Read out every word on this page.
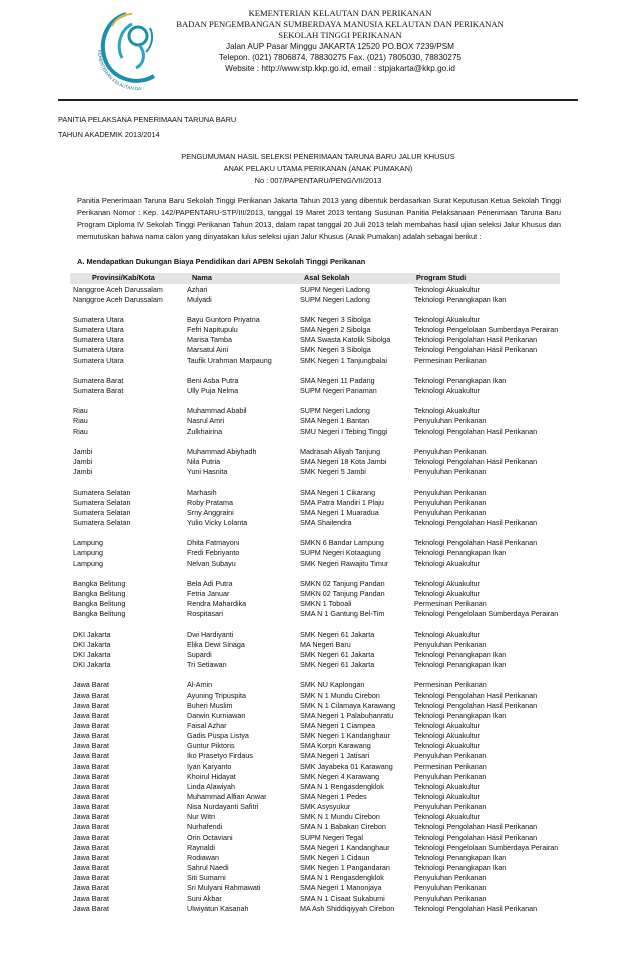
KEMENTERIAN KELAUTAN DA
KEMENTERIAN KELAUTAN DAN PERIKANAN
BADAN PENGEMBANGAN SUMBERDAYA MANUSIA KELAUTAN DAN PERIKANAN
SEKOLAH TINGGI PERIKANAN
Jalan AUP Pasar Minggu JAKARTA 12520 PO.BOX 7239/PSM
Telepon. (021) 7806874, 78830275 Fax. (021) 7805030, 78830275
Website : http://www.stp.kkp.go.id, email : stpjakarta@kkp.go.id
PANITIA PELAKSANA PENERIMAAN TARUNA BARU
TAHUN AKADEMIK 2013/2014
PENGUMUMAN HASIL SELEKSI PENERIMAAN TARUNA BARU JALUR KHUSUS
ANAK PELAKU UTAMA PERIKANAN (ANAK PUMAKAN)
No : 007/PAPENTARU/PENG/VII/2013
Panitia Penerimaan Taruna Baru Sekolah Tinggi Perikanan Jakarta Tahun 2013 yang dibentuk berdasarkan Surat Keputusan Ketua Sekolah Tinggi Perikanan Nomor : Kep. 142/PAPENTARU-STP/III/2013, tanggal 19 Maret 2013 tentang Susunan Panitia Pelaksanaan Penerimaan Taruna Baru Program Diploma IV Sekolah Tinggi Perikanan Tahun 2013, dalam rapat tanggal 20 Juli 2013 telah membahas hasil ujian seleksi Jalur Khusus dan memutuskan bahwa nama calon yang dinyatakan lulus seleksi ujian Jalur Khusus (Anak Pumakan) adalah sebagai berikut :
A. Mendapatkan Dukungan Biaya Pendidikan dari APBN Sekolah Tinggi Perikanan
Provinsi/Kab/Kota	Nama	Asal Sekolah	Program Studi
Nanggroe Aceh Darussalam	Azhari	SUPM Negeri Ladong	Teknologi Akuakultur
Nanggroe Aceh Darussalam	Mulyadi	SUPM Negeri Ladong	Teknologi Penangkapan Ikan
Sumatera Utara	Bayu Guntoro Priyatna	SMK Negeri 3 Sibolga	Teknologi Akuakultur
Sumatera Utara	Fefri Napitupulu	SMA Negeri 2 Sibolga	Teknologi Pengelolaan Sumberdaya Perairan
Sumatera Utara	Marisa Tamba	SMA Swasta Katolik Sibolga	Teknologi Pengolahan Hasil Perikanan
Sumatera Utara	Marsatul Aini	SMK Negeri 3 Sibolga	Teknologi Pengolahan Hasil Perikanan
Sumatera Utara	Taufik Urahman Marpaung	SMK Negeri 1 Tanjungbalai	Permesinan Perikanan
Sumatera Barat	Beni Asba Putra	SMA Negeri 11 Padang	Teknologi Penangkapan Ikan
Sumatera Barat	Ully Puja Nelma	SUPM Negeri Pariaman	Teknologi Akuakultur
Riau	Muhammad Ababil	SUPM Negeri Ladong	Teknologi Akuakultur
Riau	Nasrul Amri	SMA Negeri 1 Bantan	Penyuluhan Perikanan
Riau	Zulkhairina	SMU Negeri I Tebing Tinggi	Teknologi Pengolahan Hasil Perikanan
Jambi	Muhammad Abiyhadh	Madrasah Aliyah Tanjung	Penyuluhan Perikanan
Jambi	Nila Putria	SMA Negeri 18 Kota Jambi	Teknologi Pengolahan Hasil Perikanan
Jambi	Yuni Hasnita	SMK Negeri 5 Jambi	Penyuluhan Perikanan
Sumatera Selatan	Marhasih	SMA Negeri 1 Cikarang	Penyuluhan Perikanan
Sumatera Selatan	Roby Pratama	SMA Patra Mandiri 1 Plaju	Penyuluhan Perikanan
Sumatera Selatan	Srny Anggraini	SMA Negeri 1 Muaradua	Penyuluhan Perikanan
Sumatera Selatan	Yulio Vicky Lolanta	SMA Shailendra	Teknologi Pengolahan Hasil Perikanan
Lampung	Dhita Fatmayoni	SMKN 6 Bandar Lampung	Teknologi Pengolahan Hasil Perikanan
Lampung	Fredi Febriyanto	SUPM Negeri Kotaagung	Teknologi Penangkapan Ikan
Lampung	Nelvan Subayu	SMK Negeri Rawajitu Timur	Teknologi Akuakultur
Bangka Belitung	Bela Adi Putra	SMKN 02 Tanjung Pandan	Teknologi Akuakultur
Bangka Belitung	Fetria Januar	SMKN 02 Tanjung Pandan	Teknologi Akuakultur
Bangka Belitung	Rendra Mahardika	SMKN 1 Toboali	Permesinan Perikanan
Bangka Belitung	Rospitasari	SMA N 1 Gantung Bel-Tim	Teknologi Pengelolaan Sumberdaya Perairan
DKI Jakarta	Dwi Hardiyanti	SMK Negeri 61 Jakarta	Teknologi Akuakultur
DKI Jakarta	Elika Dewi Sinaga	MA Negeri Baru	Penyuluhan Perikanan
DKI Jakarta	Supardi	SMK Negeri 61 Jakarta	Teknologi Penangkapan Ikan
DKI Jakarta	Tri Setiawan	SMK Negeri 61 Jakarta	Teknologi Penangkapan Ikan
Jawa Barat	Al-Amin	SMK NU Kaplongan	Permesinan Perikanan
Jawa Barat	Ayuning Tripuspita	SMK N 1 Mundu Cirebon	Teknologi Pengolahan Hasil Perikanan
Jawa Barat	Buheri Muslim	SMK N 1 Cilamaya Karawang	Teknologi Pengolahan Hasil Perikanan
Jawa Barat	Darwin Kurniawan	SMA Negeri 1 Palabuhanratu	Teknologi Penangkapan Ikan
Jawa Barat	Faisal Azhar	SMA Negeri 1 Ciampea	Teknologi Akuakultur
Jawa Barat	Gadis Puspa Listya	SMK Negeri 1 Kandanghaur	Teknologi Akuakultur
Jawa Barat	Guntur Piktoris	SMA Korpri Karawang	Teknologi Akuakultur
Jawa Barat	Iko Prasetyo Firdaus	SMA Negeri 1 Jatisari	Penyuluhan Perikanan
Jawa Barat	Iyan Karyanto	SMK Jayabeka 01 Karawang	Permesinan Perikanan
Jawa Barat	Khoirul Hidayat	SMK Negeri 4 Karawang	Penyuluhan Perikanan
Jawa Barat	Linda Alawiyah	SMA N 1 Rengasdengklok	Teknologi Akuakultur
Jawa Barat	Muhammad Alfian Anwar	SMA Negeri 1 Pedes	Teknologi Akuakultur
Jawa Barat	Nisa Nurdayanti Safitri	SMK Asysyukur	Penyuluhan Perikanan
Jawa Barat	Nur Witri	SMK N 1 Mundu Cirebon	Teknologi Akuakultur
Jawa Barat	Nurhafendi	SMA N 1 Babakan Cirebon	Teknologi Pengolahan Hasil Perikanan
Jawa Barat	Orin Octaviani	SUPM Negeri Tegal	Teknologi Pengolahan Hasil Perikanan
Jawa Barat	Raynaldi	SMA Negeri 1 Kandanghaur	Teknologi Pengelolaan Sumberdaya Perairan
Jawa Barat	Rodiawan	SMK Negeri 1 Cidaun	Teknologi Penangkapan Ikan
Jawa Barat	Sahrul Naedi	SMK Negeri 1 Pangandaran	Teknologi Penangkapan Ikan
Jawa Barat	Siti Sumarni	SMA N 1 Rengasdengklok	Penyuluhan Perikanan
Jawa Barat	Sri Mulyani Rahmawati	SMA Negeri 1 Manonjaya	Penyuluhan Perikanan
Jawa Barat	Suni Akbar	SMA N 1 Cisaat Sukabumi	Penyuluhan Perikanan
Jawa Barat	Ulwiyatun Kasanah	MA Ash Shiddiqiyyah Cirebon	Teknologi Pengolahan Hasil Perikanan
